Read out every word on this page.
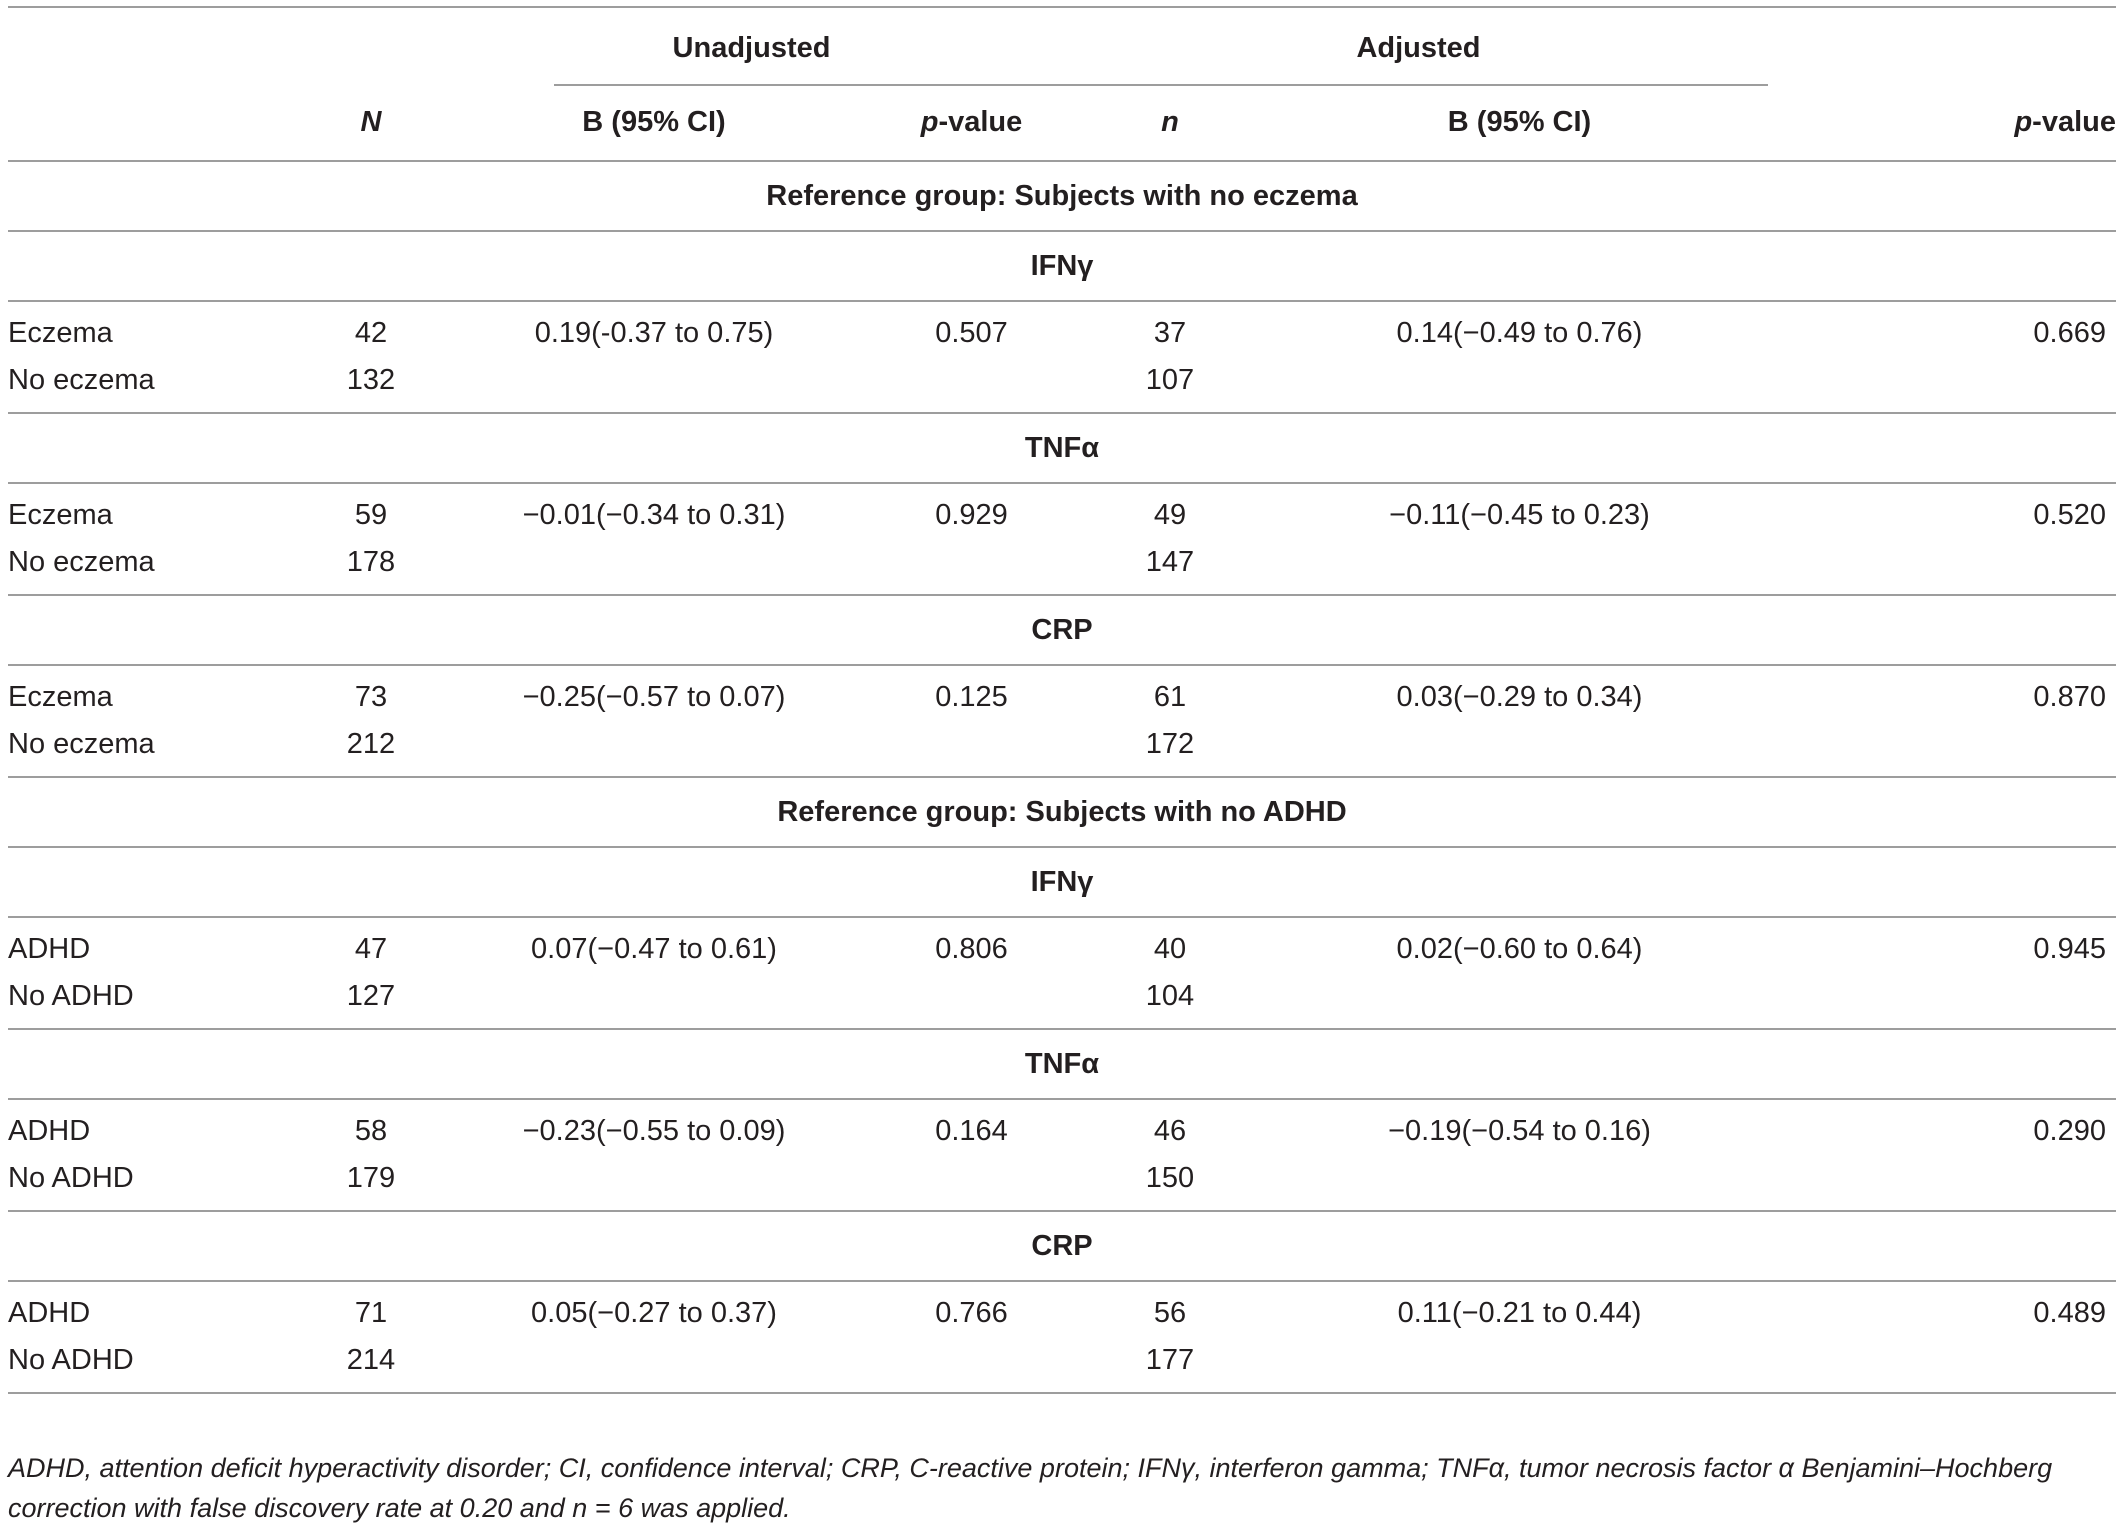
		Unadjusted		Adjusted		

	N	B (95% CI)	p-value	n	B (95% CI)	p-value
Reference group: Subjects with no eczema						
IFNγ						
Eczema	42	0.19(-0.37 to 0.75)	0.507	37	0.14(−0.49 to 0.76)	0.669
No eczema	132			107		
TNFα						
Eczema	59	−0.01(−0.34 to 0.31)	0.929	49	−0.11(−0.45 to 0.23)	0.520
No eczema	178			147		
CRP						
Eczema	73	−0.25(−0.57 to 0.07)	0.125	61	0.03(−0.29 to 0.34)	0.870
No eczema	212			172		
Reference group: Subjects with no ADHD						
IFNγ						
ADHD	47	0.07(−0.47 to 0.61)	0.806	40	0.02(−0.60 to 0.64)	0.945
No ADHD	127			104		
TNFα						
ADHD	58	−0.23(−0.55 to 0.09)	0.164	46	−0.19(−0.54 to 0.16)	0.290
No ADHD	179			150		
CRP						
ADHD	71	0.05(−0.27 to 0.37)	0.766	56	0.11(−0.21 to 0.44)	0.489
No ADHD	214			177		
ADHD, attention deficit hyperactivity disorder; CI, confidence interval; CRP, C-reactive protein; IFNγ, interferon gamma; TNFα, tumor necrosis factor α Benjamini–Hochberg correction with false discovery rate at 0.20 and n = 6 was applied.
